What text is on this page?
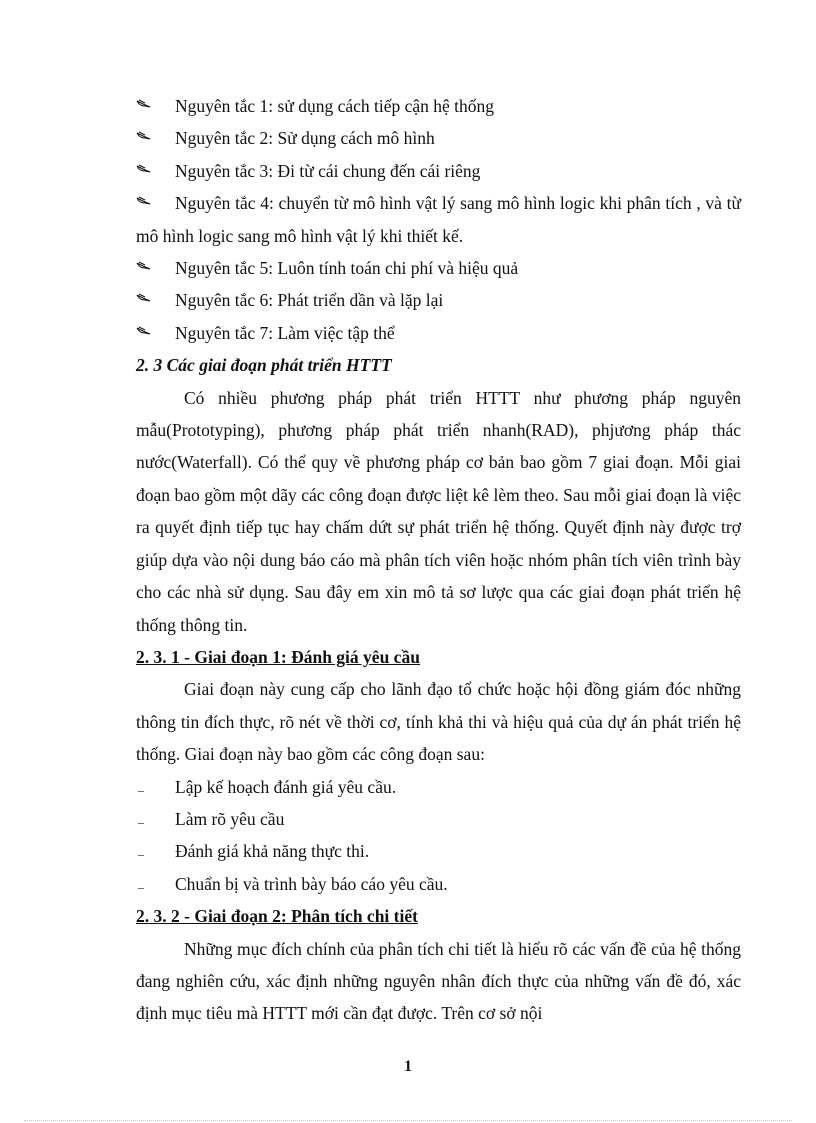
Nguyên tắc 1: sử dụng cách tiếp cận hệ thống
Nguyên tắc 2: Sử dụng cách mô hình
Nguyên tắc 3: Đi từ cái chung đến cái riêng
Nguyên tắc 4: chuyển từ mô hình vật lý sang mô hình logic khi phân tích , và từ mô hình logic sang mô hình vật lý khi thiết kế.
Nguyên tắc 5: Luôn tính toán chi phí và hiệu quả
Nguyên tắc 6: Phát triển dần và lặp lại
Nguyên tắc 7: Làm việc tập thể
2. 3 Các giai đoạn phát triển HTTT
Có nhiều phương pháp phát triển HTTT như phương pháp nguyên mẫu(Prototyping), phương pháp phát triển nhanh(RAD), phjương pháp thác nước(Waterfall). Có thể quy về phương pháp cơ bản bao gồm 7 giai đoạn. Mỗi giai đoạn bao gồm một dãy các công đoạn được liệt kê lèm theo. Sau mỗi giai đoạn là việc ra quyết định tiếp tục hay chấm dứt sự phát triển hệ thống. Quyết định này được trợ giúp dựa vào nội dung báo cáo mà phân tích viên hoặc nhóm phân tích viên trình bày cho các nhà sử dụng. Sau đây em xin mô tả sơ lược qua các giai đoạn phát triển hệ thống thông tin.
2. 3. 1 - Giai đoạn 1: Đánh giá yêu cầu
Giai đoạn này cung cấp cho lãnh đạo tổ chức hoặc hội đồng giám đóc những thông tin đích thực, rõ nét về thời cơ, tính khả thi và hiệu quả của dự án phát triển hệ thống. Giai đoạn này bao gồm các công đoạn sau:
– Lập kế hoạch đánh giá yêu cầu.
– Làm rõ yêu cầu
– Đánh giá khả năng thực thi.
– Chuẩn bị và trình bày báo cáo yêu cầu.
2. 3. 2 - Giai đoạn 2: Phân tích chi tiết
Những mục đích chính của phân tích chi tiết là hiểu rõ các vấn đề của hệ thống đang nghiên cứu, xác định những nguyên nhân đích thực của những vấn đề đó, xác định mục tiêu mà HTTT mới cần đạt được. Trên cơ sở nội
1
